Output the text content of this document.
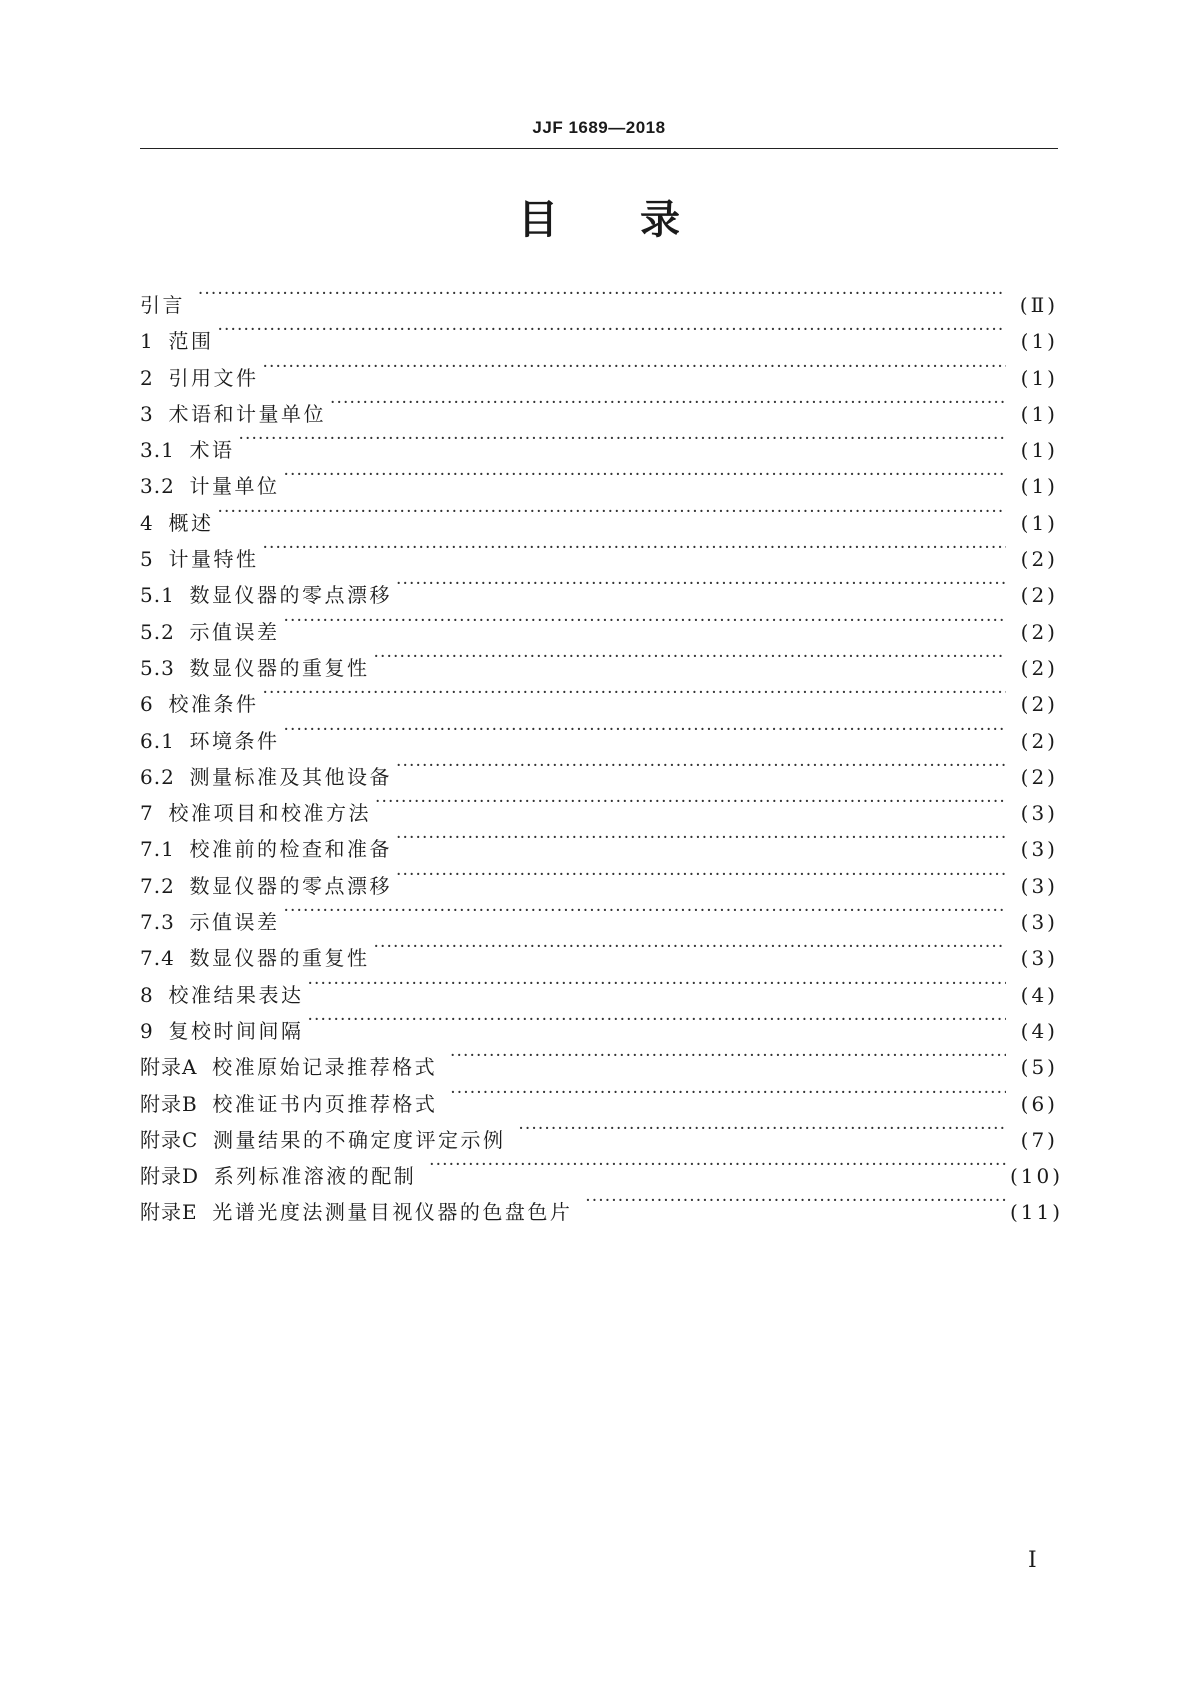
JJF 1689—2018
目 录
引言 ·····	(Ⅱ)
1 范围 ·····	(1)
2 引用文件 ·····	(1)
3 术语和计量单位 ·····	(1)
3.1 术语 ·····	(1)
3.2 计量单位 ·····	(1)
4 概述 ·····	(1)
5 计量特性 ·····	(2)
5.1 数显仪器的零点漂移 ·····	(2)
5.2 示值误差 ·····	(2)
5.3 数显仪器的重复性 ·····	(2)
6 校准条件 ·····	(2)
6.1 环境条件 ·····	(2)
6.2 测量标准及其他设备 ·····	(2)
7 校准项目和校准方法 ·····	(3)
7.1 校准前的检查和准备 ·····	(3)
7.2 数显仪器的零点漂移 ·····	(3)
7.3 示值误差 ·····	(3)
7.4 数显仪器的重复性 ·····	(3)
8 校准结果表达 ·····	(4)
9 复校时间间隔 ·····	(4)
附录A 校准原始记录推荐格式 ·····	(5)
附录B 校准证书内页推荐格式 ·····	(6)
附录C 测量结果的不确定度评定示例 ·····	(7)
附录D 系列标准溶液的配制 ·····	(10)
附录E 光谱光度法测量目视仪器的色盘色片 ·····	(11)
Ⅰ
